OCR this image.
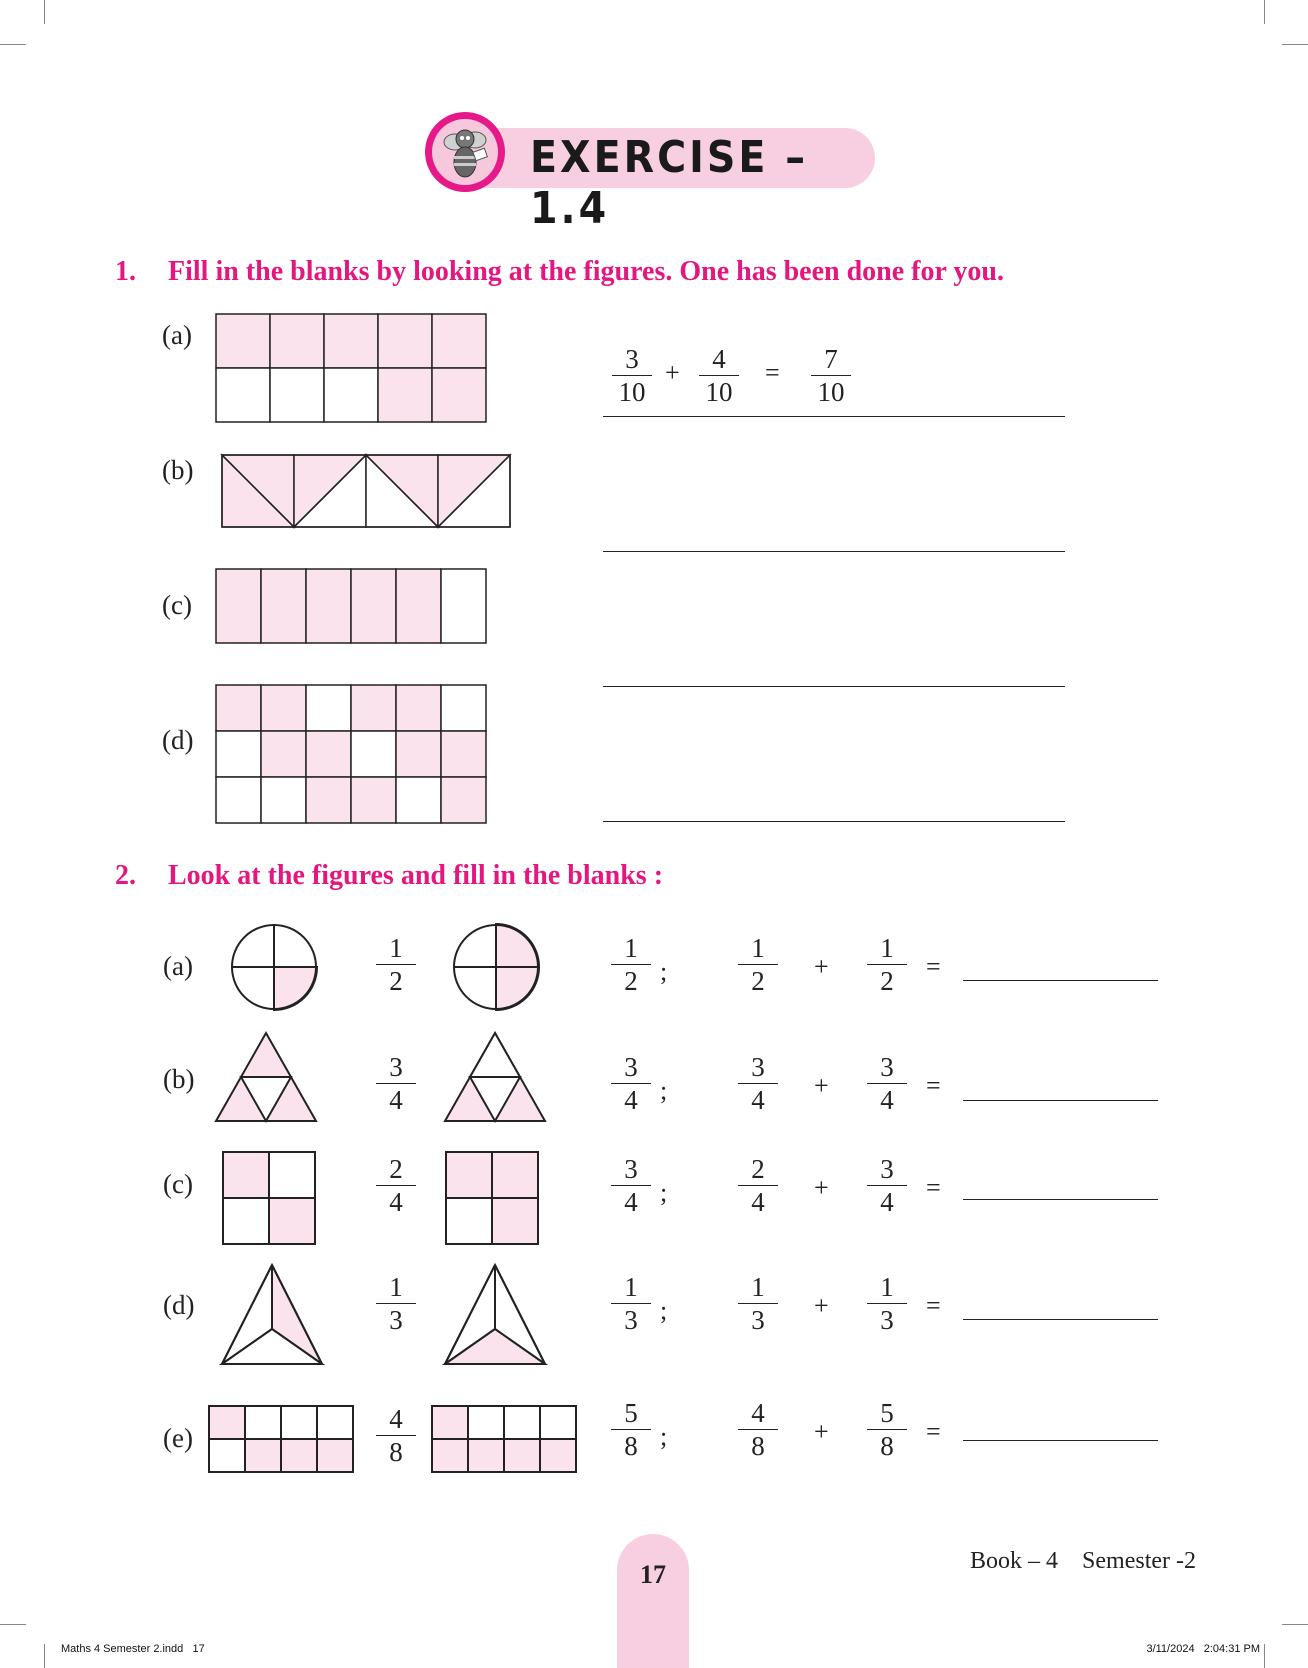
EXERCISE – 1.4
1. Fill in the blanks by looking at the figures. One has been done for you.
(a)
(b)
(c)
(d)
$\frac{3}{10} + \frac{4}{10} = \frac{7}{10}$
2. Look at the figures and fill in the blanks :
(a)
(b)
(c)
(d)
(e)
$\frac{1}{2}$	$\frac{1}{2}$ ;	$\frac{1}{2} + \frac{1}{2}$ =
$\frac{3}{4}$	$\frac{3}{4}$ ;	$\frac{3}{4} + \frac{3}{4}$ =
$\frac{2}{4}$	$\frac{3}{4}$ ;	$\frac{2}{4} + \frac{3}{4}$ =
$\frac{1}{3}$	$\frac{1}{3}$ ;	$\frac{1}{3} + \frac{1}{3}$ =
$\frac{4}{8}$	$\frac{5}{8}$ ;	$\frac{4}{8} + \frac{5}{8}$ =
17	Book – 4 Semester -2
Maths 4 Semester 2.indd   17	3/11/2024   2:04:31 PM
